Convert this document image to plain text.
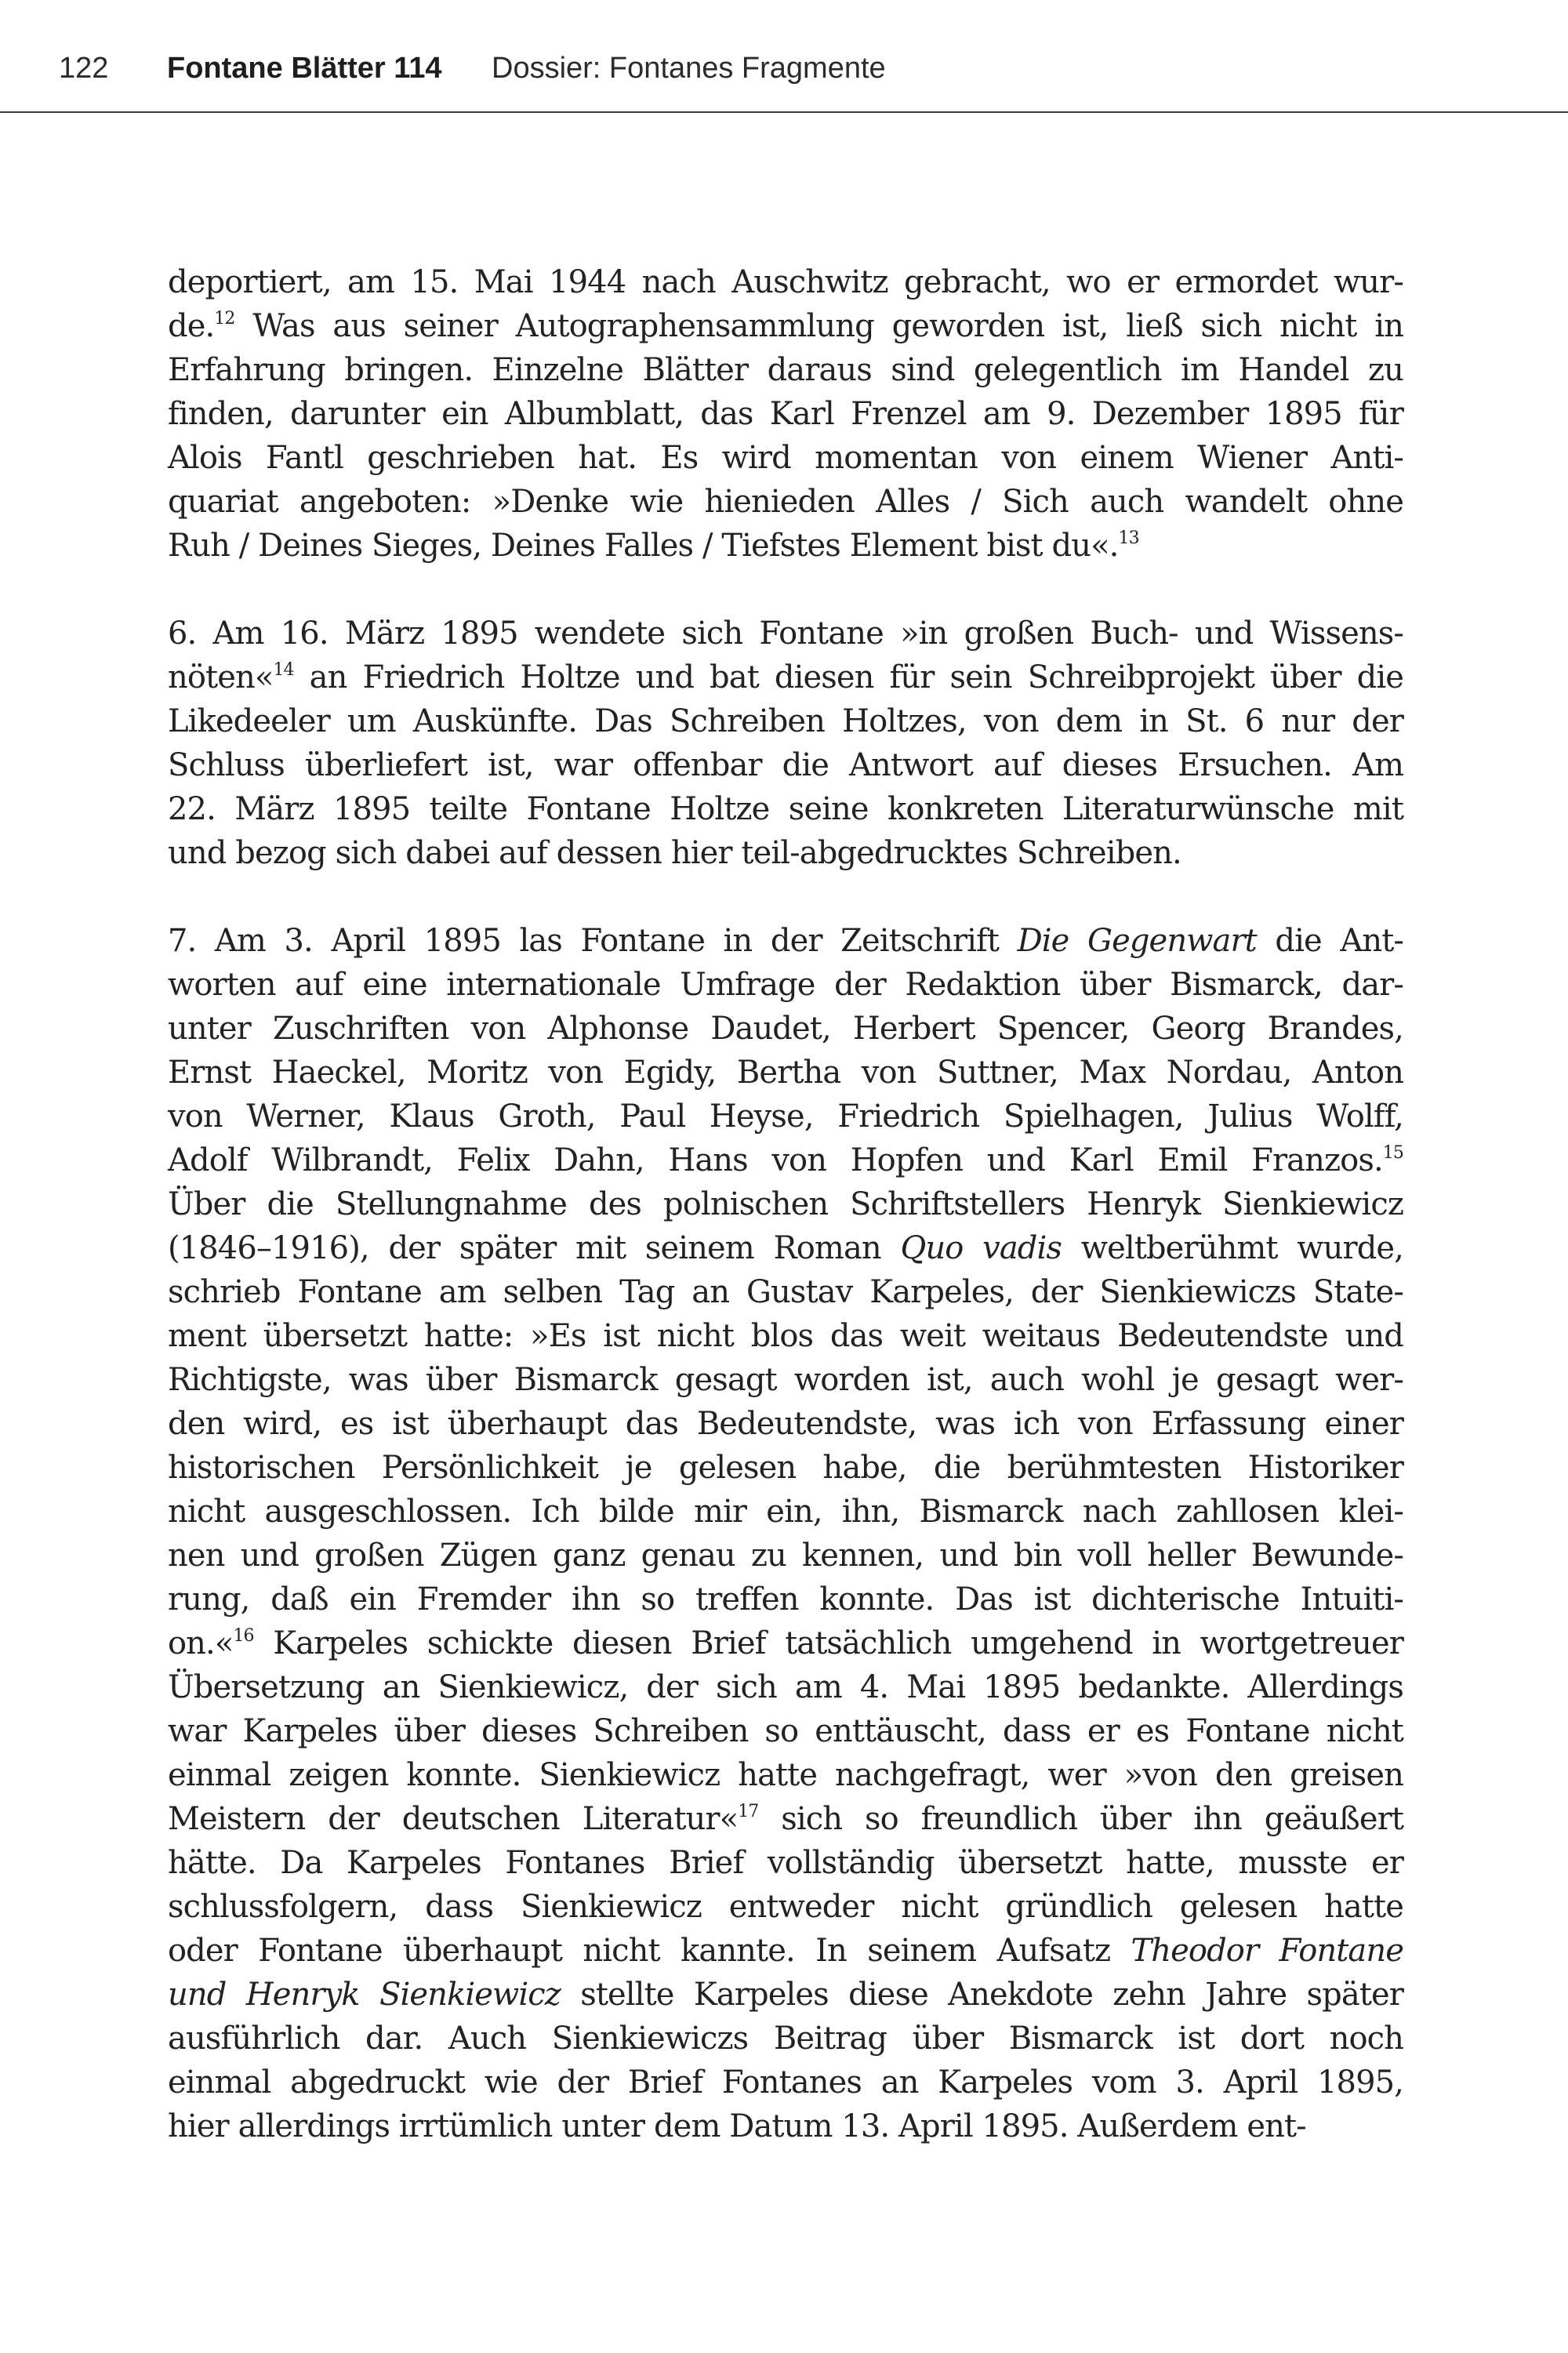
122 Fontane Blätter 114 Dossier: Fontanes Fragmente
deportiert, am 15. Mai 1944 nach Auschwitz gebracht, wo er ermordet wur-
de.$^{12}$ Was aus seiner Autographensammlung geworden ist, ließ sich nicht in
Erfahrung bringen. Einzelne Blätter daraus sind gelegentlich im Handel zu
finden, darunter ein Albumblatt, das Karl Frenzel am 9. Dezember 1895 für
Alois Fantl geschrieben hat. Es wird momentan von einem Wiener Anti-
quariat angeboten: »Denke wie hienieden Alles / Sich auch wandelt ohne
Ruh / Deines Sieges, Deines Falles / Tiefstes Element bist du«.$^{13}$
6. Am 16. März 1895 wendete sich Fontane »in großen Buch- und Wissens-
nöten«$^{14}$ an Friedrich Holtze und bat diesen für sein Schreibprojekt über die
Likedeeler um Auskünfte. Das Schreiben Holtzes, von dem in St. 6 nur der
Schluss überliefert ist, war offenbar die Antwort auf dieses Ersuchen. Am
22. März 1895 teilte Fontane Holtze seine konkreten Literaturwünsche mit
und bezog sich dabei auf dessen hier teil-abgedrucktes Schreiben.
7. Am 3. April 1895 las Fontane in der Zeitschrift Die Gegenwart die Ant-
worten auf eine internationale Umfrage der Redaktion über Bismarck, dar-
unter Zuschriften von Alphonse Daudet, Herbert Spencer, Georg Brandes,
Ernst Haeckel, Moritz von Egidy, Bertha von Suttner, Max Nordau, Anton
von Werner, Klaus Groth, Paul Heyse, Friedrich Spielhagen, Julius Wolff,
Adolf Wilbrandt, Felix Dahn, Hans von Hopfen und Karl Emil Franzos.$^{15}$
Über die Stellungnahme des polnischen Schriftstellers Henryk Sienkiewicz
(1846–1916), der später mit seinem Roman Quo vadis weltberühmt wurde,
schrieb Fontane am selben Tag an Gustav Karpeles, der Sienkiewiczs State-
ment übersetzt hatte: »Es ist nicht blos das weit weitaus Bedeutendste und
Richtigste, was über Bismarck gesagt worden ist, auch wohl je gesagt wer-
den wird, es ist überhaupt das Bedeutendste, was ich von Erfassung einer
historischen Persönlichkeit je gelesen habe, die berühmtesten Historiker
nicht ausgeschlossen. Ich bilde mir ein, ihn, Bismarck nach zahllosen klei-
nen und großen Zügen ganz genau zu kennen, und bin voll heller Bewunde-
rung, daß ein Fremder ihn so treffen konnte. Das ist dichterische Intuiti-
on.«$^{16}$ Karpeles schickte diesen Brief tatsächlich umgehend in wortgetreuer
Übersetzung an Sienkiewicz, der sich am 4. Mai 1895 bedankte. Allerdings
war Karpeles über dieses Schreiben so enttäuscht, dass er es Fontane nicht
einmal zeigen konnte. Sienkiewicz hatte nachgefragt, wer »von den greisen
Meistern der deutschen Literatur«$^{17}$ sich so freundlich über ihn geäußert
hätte. Da Karpeles Fontanes Brief vollständig übersetzt hatte, musste er
schlussfolgern, dass Sienkiewicz entweder nicht gründlich gelesen hatte
oder Fontane überhaupt nicht kannte. In seinem Aufsatz Theodor Fontane
und Henryk Sienkiewicz stellte Karpeles diese Anekdote zehn Jahre später
ausführlich dar. Auch Sienkiewiczs Beitrag über Bismarck ist dort noch
einmal abgedruckt wie der Brief Fontanes an Karpeles vom 3. April 1895,
hier allerdings irrtümlich unter dem Datum 13. April 1895. Außerdem ent-
